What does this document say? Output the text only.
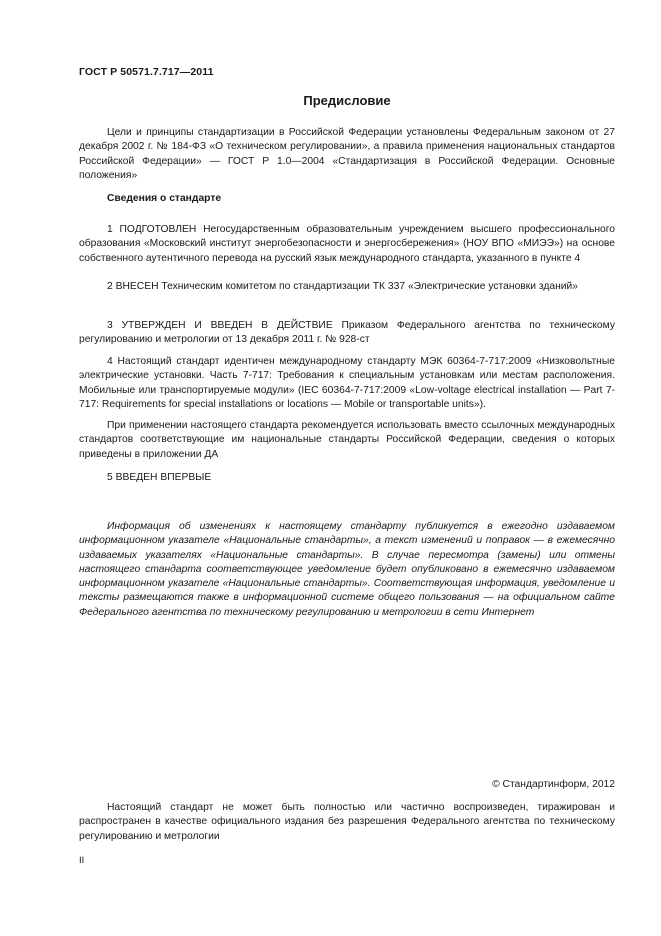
ГОСТ Р 50571.7.717—2011
Предисловие
Цели и принципы стандартизации в Российской Федерации установлены Федеральным законом от 27 декабря 2002 г. № 184-ФЗ «О техническом регулировании», а правила применения национальных стандартов Российской Федерации» — ГОСТ Р 1.0—2004 «Стандартизация в Российской Федерации. Основные положения»
Сведения о стандарте
1 ПОДГОТОВЛЕН Негосударственным образовательным учреждением высшего профессионального образования «Московский институт энергобезопасности и энергосбережения» (НОУ ВПО «МИЭЭ») на основе собственного аутентичного перевода на русский язык международного стандарта, указанного в пункте 4
2 ВНЕСЕН Техническим комитетом по стандартизации ТК 337 «Электрические установки зданий»
3 УТВЕРЖДЕН И ВВЕДЕН В ДЕЙСТВИЕ Приказом Федерального агентства по техническому регулированию и метрологии от 13 декабря 2011 г. № 928-ст
4 Настоящий стандарт идентичен международному стандарту МЭК 60364-7-717:2009 «Низковольтные электрические установки. Часть 7-717: Требования к специальным установкам или местам расположения. Мобильные или транспортируемые модули» (IEC 60364-7-717:2009 «Low-voltage electrical installation — Part 7-717: Requirements for special installations or locations — Mobile or transportable units»).
При применении настоящего стандарта рекомендуется использовать вместо ссылочных международных стандартов соответствующие им национальные стандарты Российской Федерации, сведения о которых приведены в приложении ДА
5 ВВЕДЕН ВПЕРВЫЕ
Информация об изменениях к настоящему стандарту публикуется в ежегодно издаваемом информационном указателе «Национальные стандарты», а текст изменений и поправок — в ежемесячно издаваемых указателях «Национальные стандарты». В случае пересмотра (замены) или отмены настоящего стандарта соответствующее уведомление будет опубликовано в ежемесячно издаваемом информационном указателе «Национальные стандарты». Соответствующая информация, уведомление и тексты размещаются также в информационной системе общего пользования — на официальном сайте Федерального агентства по техническому регулированию и метрологии в сети Интернет
© Стандартинформ, 2012
Настоящий стандарт не может быть полностью или частично воспроизведен, тиражирован и распространен в качестве официального издания без разрешения Федерального агентства по техническому регулированию и метрологии
II
